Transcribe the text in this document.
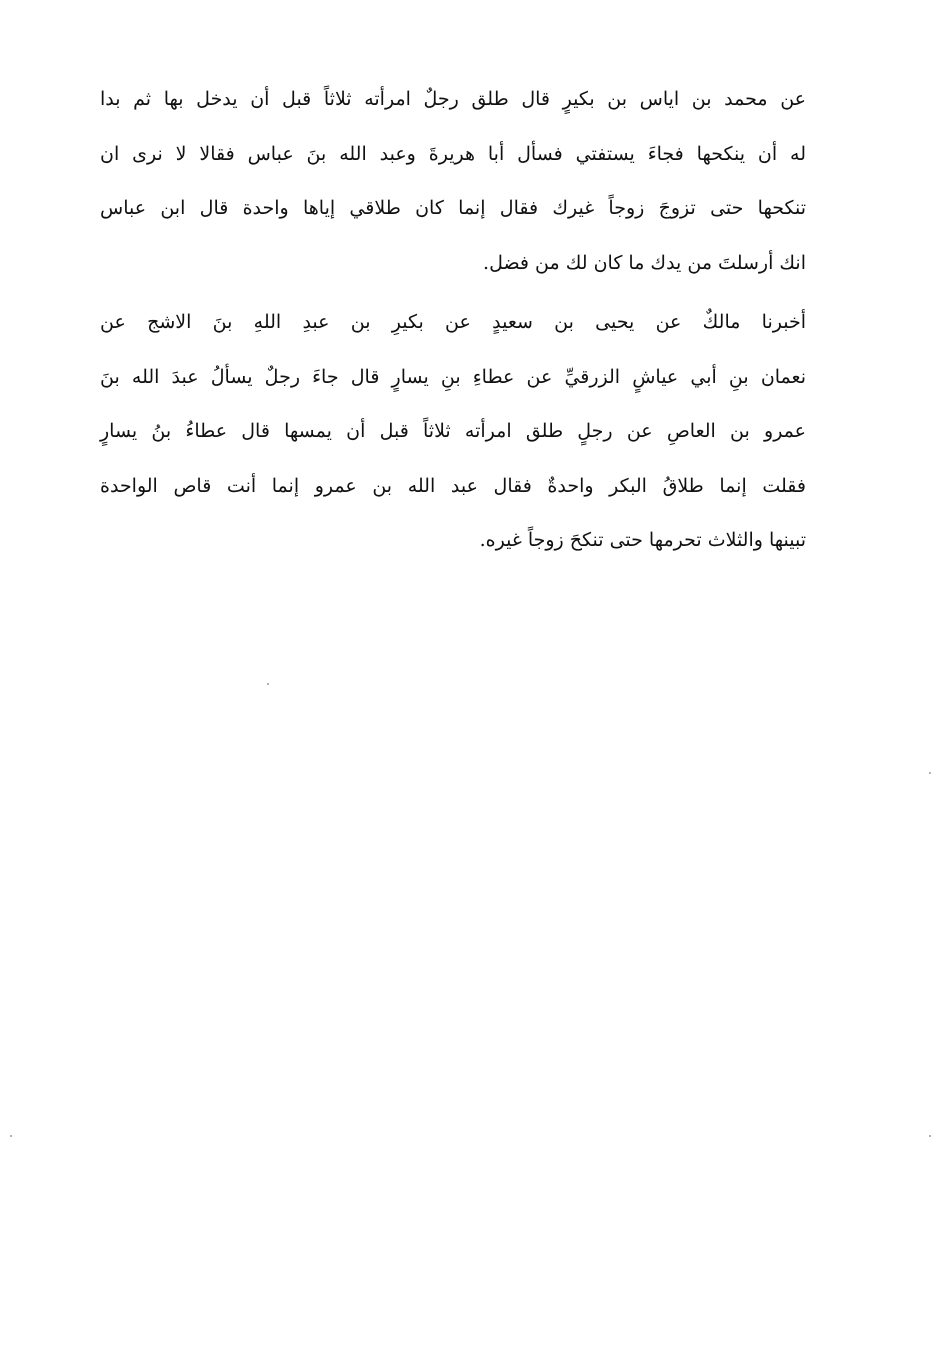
عن محمد بن اياس بن بكيرٍ قال طلق رجلٌ امرأته ثلاثاً قبل أن يدخل بها ثم بدا
له أن ينكحها فجاءَ يستفتي فسأل أبا هريرةَ وعبد الله بنَ عباس فقالا لا نرى ان
تنكحها حتى تزوجَ زوجاً غيرك فقال إنما كان طلاقي إياها واحدة قال ابن عباس
انك أرسلتَ من يدك ما كان لك من فضل.
أخبرنا مالكٌ عن يحيى بن سعيدٍ عن بكيرِ بن عبدِ اللهِ بنَ الاشج عن
نعمان بنِ أبي عياشٍ الزرقيِّ عن عطاءِ بنِ يسارٍ قال جاءَ رجلٌ يسألُ عبدَ الله بنَ
عمرو بن العاصِ عن رجلٍ طلق امرأته ثلاثاً قبل أن يمسها قال عطاءُ بنُ يسارٍ
فقلت إنما طلاقُ البكر واحدةٌ فقال عبد الله بن عمرو إنما أنت قاص الواحدة
تبينها والثلاث تحرمها حتى تنكحَ زوجاً غيره.
